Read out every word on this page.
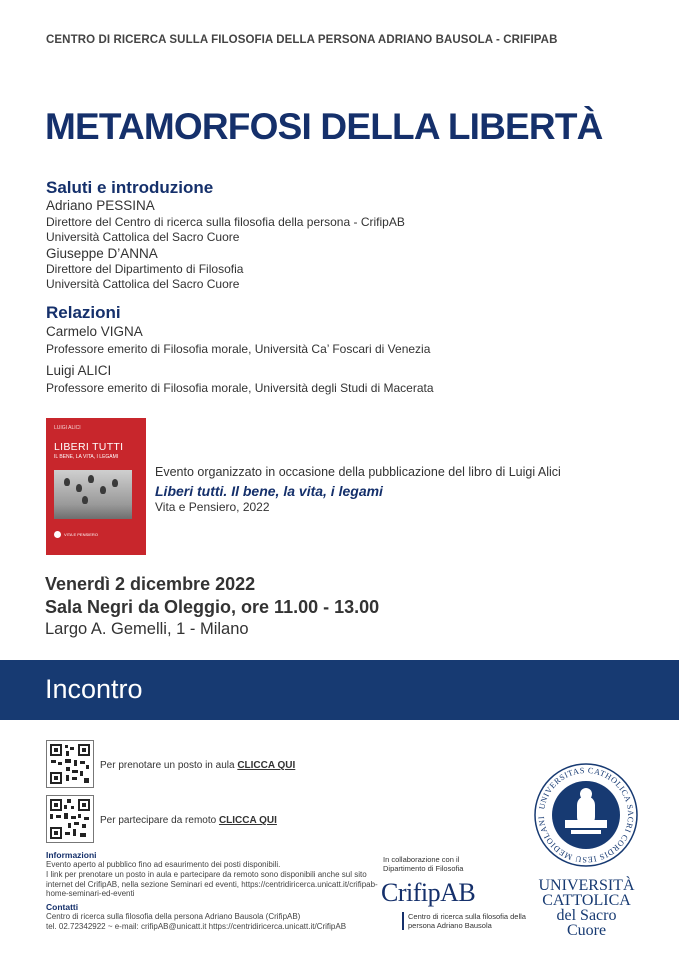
CENTRO DI RICERCA SULLA FILOSOFIA DELLA PERSONA ADRIANO BAUSOLA - CRIFIPAB
METAMORFOSI DELLA LIBERTÀ
Saluti e introduzione
Adriano PESSINA
Direttore del Centro di ricerca sulla filosofia della persona - CrifipAB
Università Cattolica del Sacro Cuore
Giuseppe D’ANNA
Direttore del Dipartimento di Filosofia
Università Cattolica del Sacro Cuore
Relazioni
Carmelo VIGNA
Professore emerito di Filosofia morale, Università Ca’ Foscari di Venezia
Luigi ALICI
Professore emerito di Filosofia morale, Università degli Studi di Macerata
LUIGI ALICI
LIBERI TUTTI
IL BENE, LA VITA, I LEGAMI
VITA E PENSIERO
Evento organizzato in occasione della pubblicazione del libro di Luigi Alici
Liberi tutti. Il bene, la vita, i legami
Vita e Pensiero, 2022
Venerdì 2 dicembre 2022
Sala Negri da Oleggio, ore 11.00 - 13.00
Largo A. Gemelli, 1 - Milano
Incontro
Per prenotare un posto in aula CLICCA QUI
Per partecipare da remoto CLICCA QUI
Informazioni
Evento aperto al pubblico fino ad esaurimento dei posti disponibili.
I link per prenotare un posto in aula e partecipare da remoto sono disponibili anche sul sito internet del CrifipAB, nella sezione Seminari ed eventi, https://centridiricerca.unicatt.it/crifipab-home-seminari-ed-eventi
Contatti
Centro di ricerca sulla filosofia della persona Adriano Bausola (CrifipAB)
tel. 02.72342922 ~ e-mail: crifipAB@unicatt.it https://centridiricerca.unicatt.it/CrifipAB
In collaborazione con il Dipartimento di Filosofia
CrifipAB
Centro di ricerca sulla filosofia della persona Adriano Bausola
UNIVERSITAS CATHOLICA SACRI CORDIS IESU MEDIOLANI
UNIVERSITÀ
CATTOLICA
del Sacro Cuore
